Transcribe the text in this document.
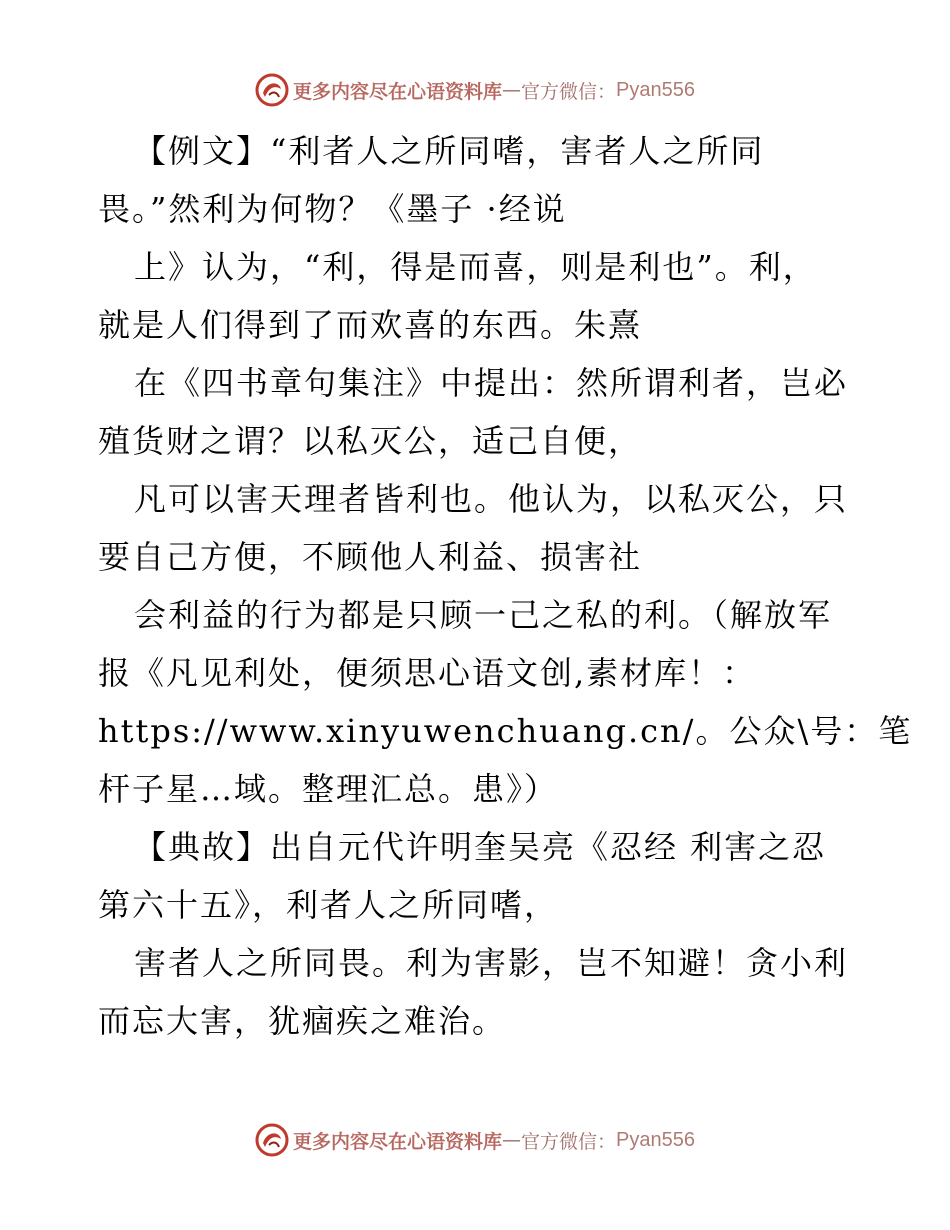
更多内容尽在心语资料库 — 官方微信： Pyan556
【例文】“利者人之所同嗜，害者人之所同
畏。”然利为何物？《墨子 ·经说
上》认为，“利，得是而喜，则是利也”。利，
就是人们得到了而欢喜的东西。朱熹
在《四书章句集注》中提出：然所谓利者，岂必
殖货财之谓？以私灭公，适己自便，
凡可以害天理者皆利也。他认为，以私灭公，只
要自己方便，不顾他人利益、损害社
会利益的行为都是只顾一己之私的利。（解放军
报《凡见利处，便须思心语文创,素材库！：
https://www.xinyuwenchuang.cn/。公众\号：笔
杆子星…域。整理汇总。患》）
【典故】出自元代许明奎吴亮《忍经 利害之忍
第六十五》，利者人之所同嗜，
害者人之所同畏。利为害影，岂不知避！贪小利
而忘大害，犹痼疾之难治。
更多内容尽在心语资料库 — 官方微信： Pyan556
